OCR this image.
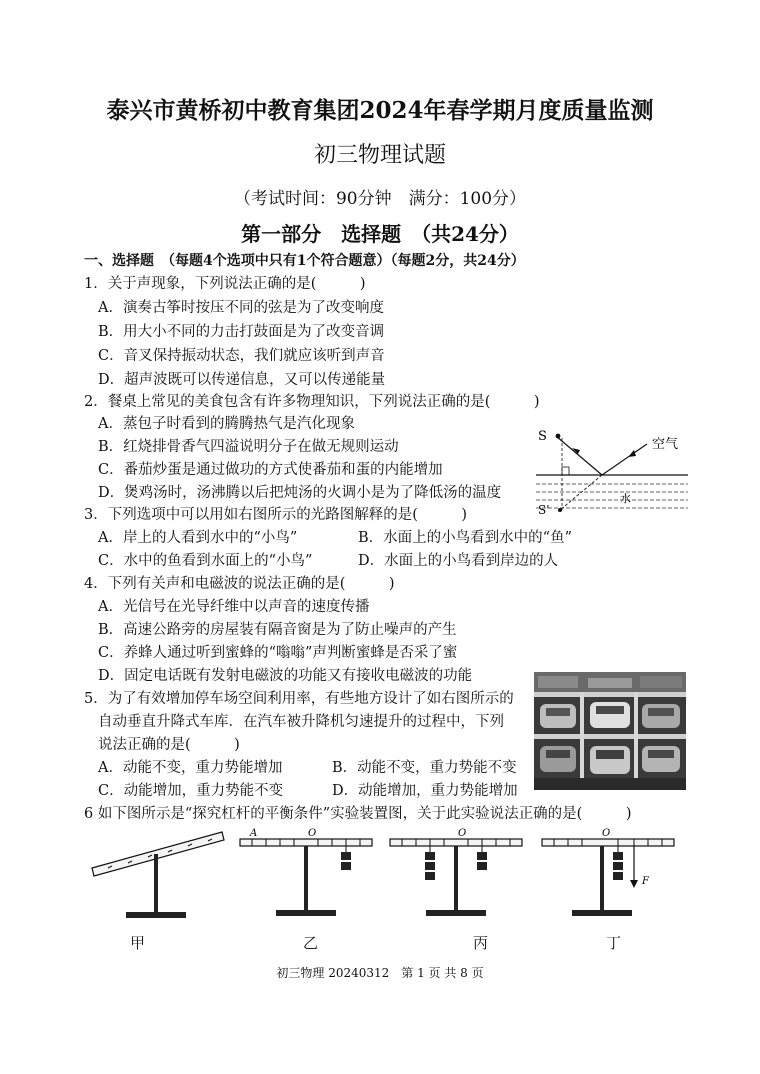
泰兴市黄桥初中教育集团2024年春学期月度质量监测
初三物理试题
（考试时间：90分钟　满分：100分）
第一部分　选择题　（共24分）
一、选择题　（每题4个选项中只有1个符合题意）（每题2分，共24分）
1．关于声现象，下列说法正确的是(　　　)
A．演奏古筝时按压不同的弦是为了改变响度
B．用大小不同的力击打鼓面是为了改变音调
C．音叉保持振动状态，我们就应该听到声音
D．超声波既可以传递信息，又可以传递能量
2．餐桌上常见的美食包含有许多物理知识，下列说法正确的是(　　　)
A．蒸包子时看到的腾腾热气是汽化现象
B．红烧排骨香气四溢说明分子在做无规则运动
C．番茄炒蛋是通过做功的方式使番茄和蛋的内能增加
D．煲鸡汤时，汤沸腾以后把炖汤的火调小是为了降低汤的温度
S
空气
水
S'
3．下列选项中可以用如右图所示的光路图解释的是(　　　)
A．岸上的人看到水中的“小鸟”	B．水面上的小鸟看到水中的“鱼”
C．水中的鱼看到水面上的“小鸟”	D．水面上的小鸟看到岸边的人
4．下列有关声和电磁波的说法正确的是(　　　)
A．光信号在光导纤维中以声音的速度传播
B．高速公路旁的房屋装有隔音窗是为了防止噪声的产生
C．养蜂人通过听到蜜蜂的“嗡嗡”声判断蜜蜂是否采了蜜
D．固定电话既有发射电磁波的功能又有接收电磁波的功能
5．为了有效增加停车场空间利用率，有些地方设计了如右图所示的
自动垂直升降式车库．在汽车被升降机匀速提升的过程中，下列
说法正确的是(　　　)
A．动能不变，重力势能增加	B．动能不变，重力势能不变
C．动能增加，重力势能不变	D．动能增加，重力势能增加
6 如下图所示是“探究杠杆的平衡条件”实验装置图，关于此实验说法正确的是(　　　)
甲
A	O
乙
O
丙
O
F
丁
初三物理 20240312　第 1 页 共 8 页
